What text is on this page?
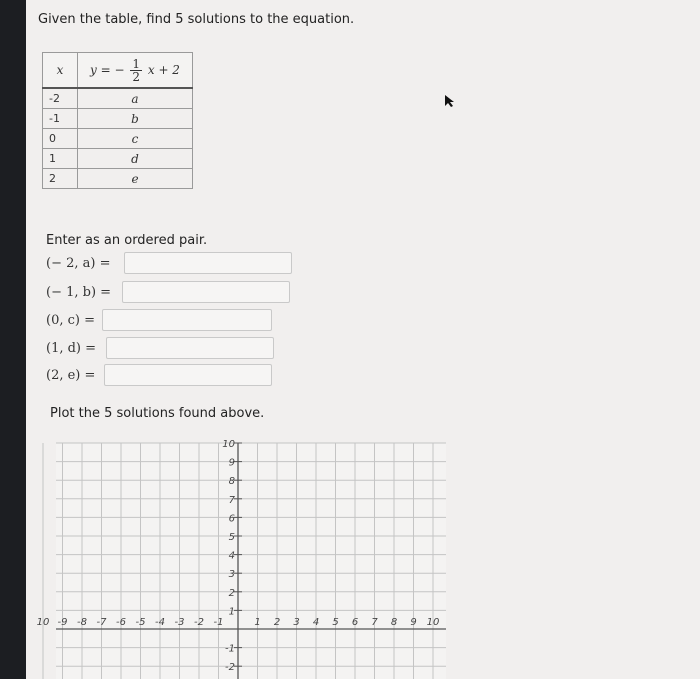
Given the table, find 5 solutions to the equation.
x	y = − $\frac{1}{2}$ x + 2
-2	a
-1	b
0	c
1	d
2	e
Enter as an ordered pair.
(− 2, a) =
(− 1, b) =
(0, c) =
(1, d) =
(2, e) =
Plot the 5 solutions found above.
10 -9 -8 -7 -6 -5 -4 -3 -2 -1	1 2 3 4 5 6 7 8 9 10
10
9
8
7
6
5
4
3
2
1
-1
-2
